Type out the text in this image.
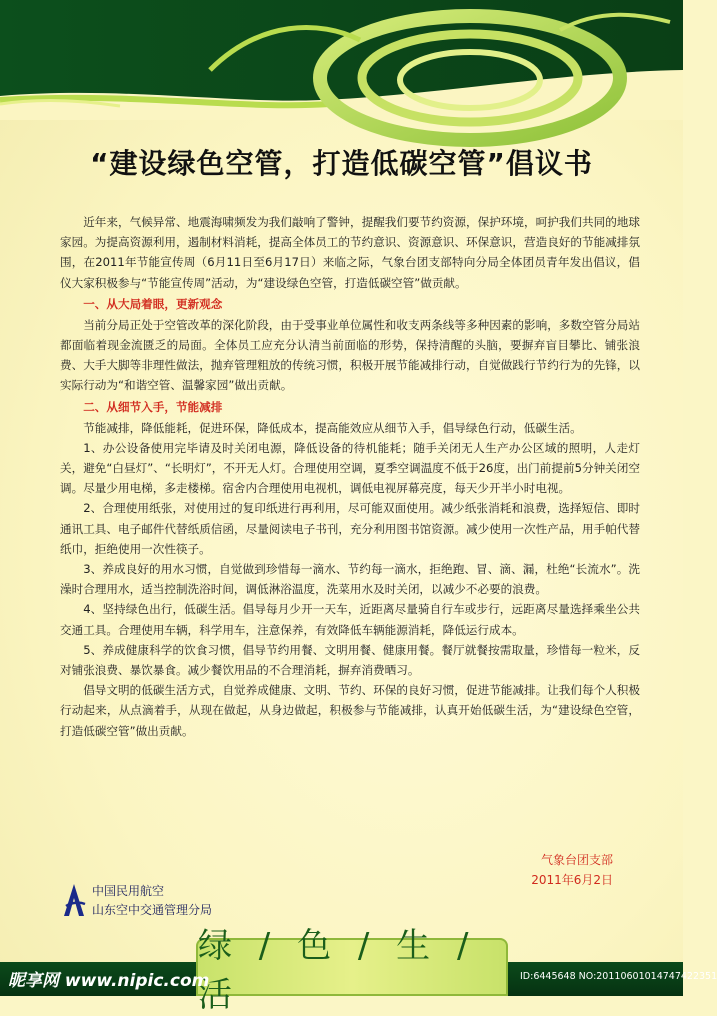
“建设绿色空管，打造低碳空管”倡议书

近年来，气候异常、地震海啸频发为我们敲响了警钟，提醒我们要节约资源，保护环境，呵护我们共同的地球家园。为提高资源利用，遏制材料消耗，提高全体员工的节约意识、资源意识、环保意识，营造良好的节能减排氛围，在2011年节能宣传周（6月11日至6月17日）来临之际，气象台团支部特向分局全体团员青年发出倡议，倡仪大家积极参与“节能宣传周”活动，为“建设绿色空管，打造低碳空管”做贡献。

一、从大局着眼，更新观念

当前分局正处于空管改革的深化阶段，由于受事业单位属性和收支两条线等多种因素的影响，多数空管分局站都面临着现金流匮乏的局面。全体员工应充分认清当前面临的形势，保持清醒的头脑，要摒弃盲目攀比、铺张浪费、大手大脚等非理性做法，抛弃管理粗放的传统习惯，积极开展节能减排行动，自觉做践行节约行为的先锋，以实际行动为“和谐空管、温馨家园”做出贡献。

二、从细节入手，节能减排

节能减排，降低能耗，促进环保，降低成本，提高能效应从细节入手，倡导绿色行动，低碳生活。

1、办公设备使用完毕请及时关闭电源，降低设备的待机能耗；随手关闭无人生产办公区域的照明，人走灯关，避免“白昼灯”、“长明灯”，不开无人灯。合理使用空调，夏季空调温度不低于26度，出门前提前5分钟关闭空调。尽量少用电梯，多走楼梯。宿舍内合理使用电视机，调低电视屏幕亮度，每天少开半小时电视。

2、合理使用纸张，对使用过的复印纸进行再利用，尽可能双面使用。减少纸张消耗和浪费，选择短信、即时通讯工具、电子邮件代替纸质信函，尽量阅读电子书刊，充分利用图书馆资源。减少使用一次性产品，用手帕代替纸巾，拒绝使用一次性筷子。

3、养成良好的用水习惯，自觉做到珍惜每一滴水、节约每一滴水，拒绝跑、冒、滴、漏，杜绝“长流水”。洗澡时合理用水，适当控制洗浴时间，调低淋浴温度，洗菜用水及时关闭，以减少不必要的浪费。

4、坚持绿色出行，低碳生活。倡导每月少开一天车，近距离尽量骑自行车或步行，远距离尽量选择乘坐公共交通工具。合理使用车辆，科学用车，注意保养，有效降低车辆能源消耗，降低运行成本。

5、养成健康科学的饮食习惯，倡导节约用餐、文明用餐、健康用餐。餐厅就餐按需取量，珍惜每一粒米，反对铺张浪费、暴饮暴食。减少餐饮用品的不合理消耗，摒弃消费晒习。

倡导文明的低碳生活方式，自觉养成健康、文明、节约、环保的良好习惯，促进节能减排。让我们每个人积极行动起来，从点滴着手，从现在做起，从身边做起，积极参与节能减排，认真开始低碳生活，为“建设绿色空管，打造低碳空管”做出贡献。

气象台团支部
2011年6月2日
中国民用航空
山东空中交通管理分局
绿 / 色 / 生 / 活
昵享网 www.nipic.com	ID:6445648 NO:20110601014747422351
